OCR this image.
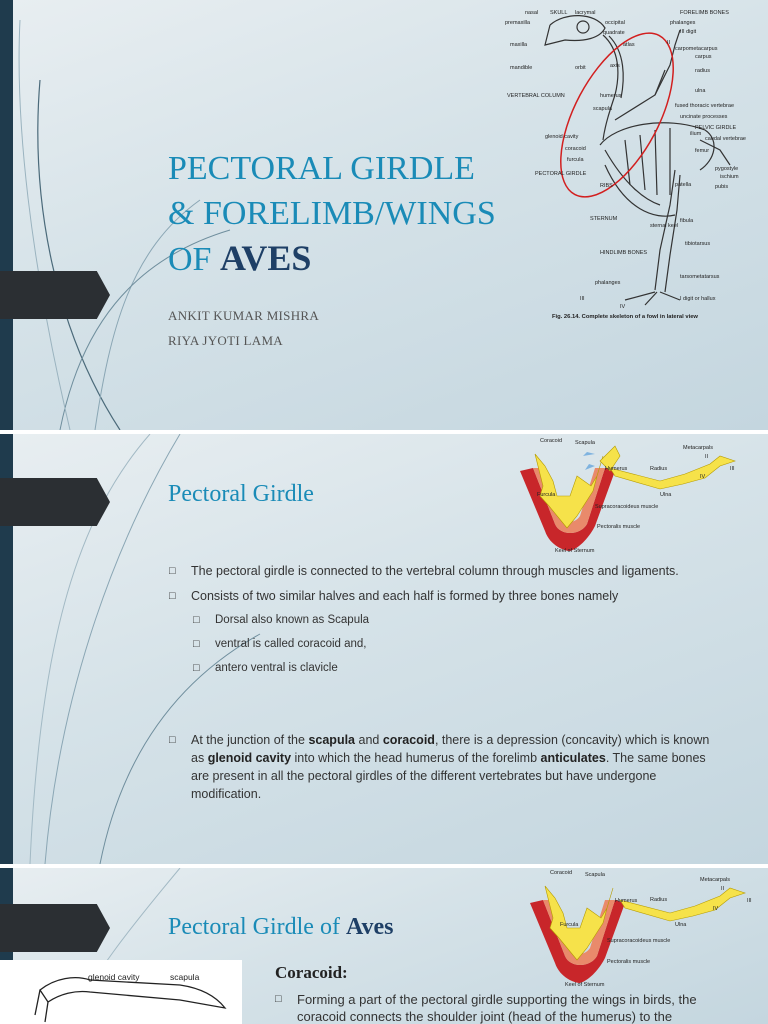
PECTORAL GIRDLE
& FORELIMB/WINGS
OF AVES
ANKIT KUMAR MISHRA
RIYA JYOTI LAMA
nasal SKULL lacrymal	FORELIMB BONES
premaxilla	occipital	phalanges
quadrate	III digit
maxilla	atlas	II
carpometacarpus
carpus
mandible	orbit	axis
radius
ulna
VERTEBRAL COLUMN	humerus
fused thoracic vertebrae
scapula
uncinate processes
PELVIC GIRDLE
glenoid cavity	ilium
caudal vertebrae
coracoid
furcula
femur
pygostyle
PECTORAL GIRDLE	ischium
RIBS	patella	pubis
STERNUM
sternal keel
fibula
tibiotarsus
HINDLIMB BONES
tarsometatarsus
phalanges
III
IV
I digit or hallux
Fig. 26.14. Complete skeleton of a fowl in lateral view
Pectoral Girdle
Coracoid Scapula
Metacarpals
Humerus	Radius
Ulna
Furcula
Supracoracoideus muscle
Pectoralis muscle
Keel of Sternum
II
III
IV
□ The pectoral girdle is connected to the vertebral column through muscles and ligaments.
□ Consists of two similar halves and each half is formed by three bones namely
□ Dorsal also known as Scapula
□ ventral is called coracoid and,
□ antero ventral is clavicle
□ At the junction of the scapula and coracoid, there is a depression (concavity) which is known as glenoid cavity into which the head humerus of the forelimb anticulates. The same bones are present in all the pectoral girdles of the different vertebrates but have undergone modification.
Pectoral Girdle of Aves
Coracoid Scapula
Metacarpals
Humerus Radius
Ulna
Furcula
Supracoracoideus muscle
Pectoralis muscle
Keel of Sternum
II
III
IV
glenoid cavity	scapula	Coracoid:
□ Forming a part of the pectoral girdle supporting the wings in birds, the coracoid connects the shoulder joint (head of the humerus) to the
